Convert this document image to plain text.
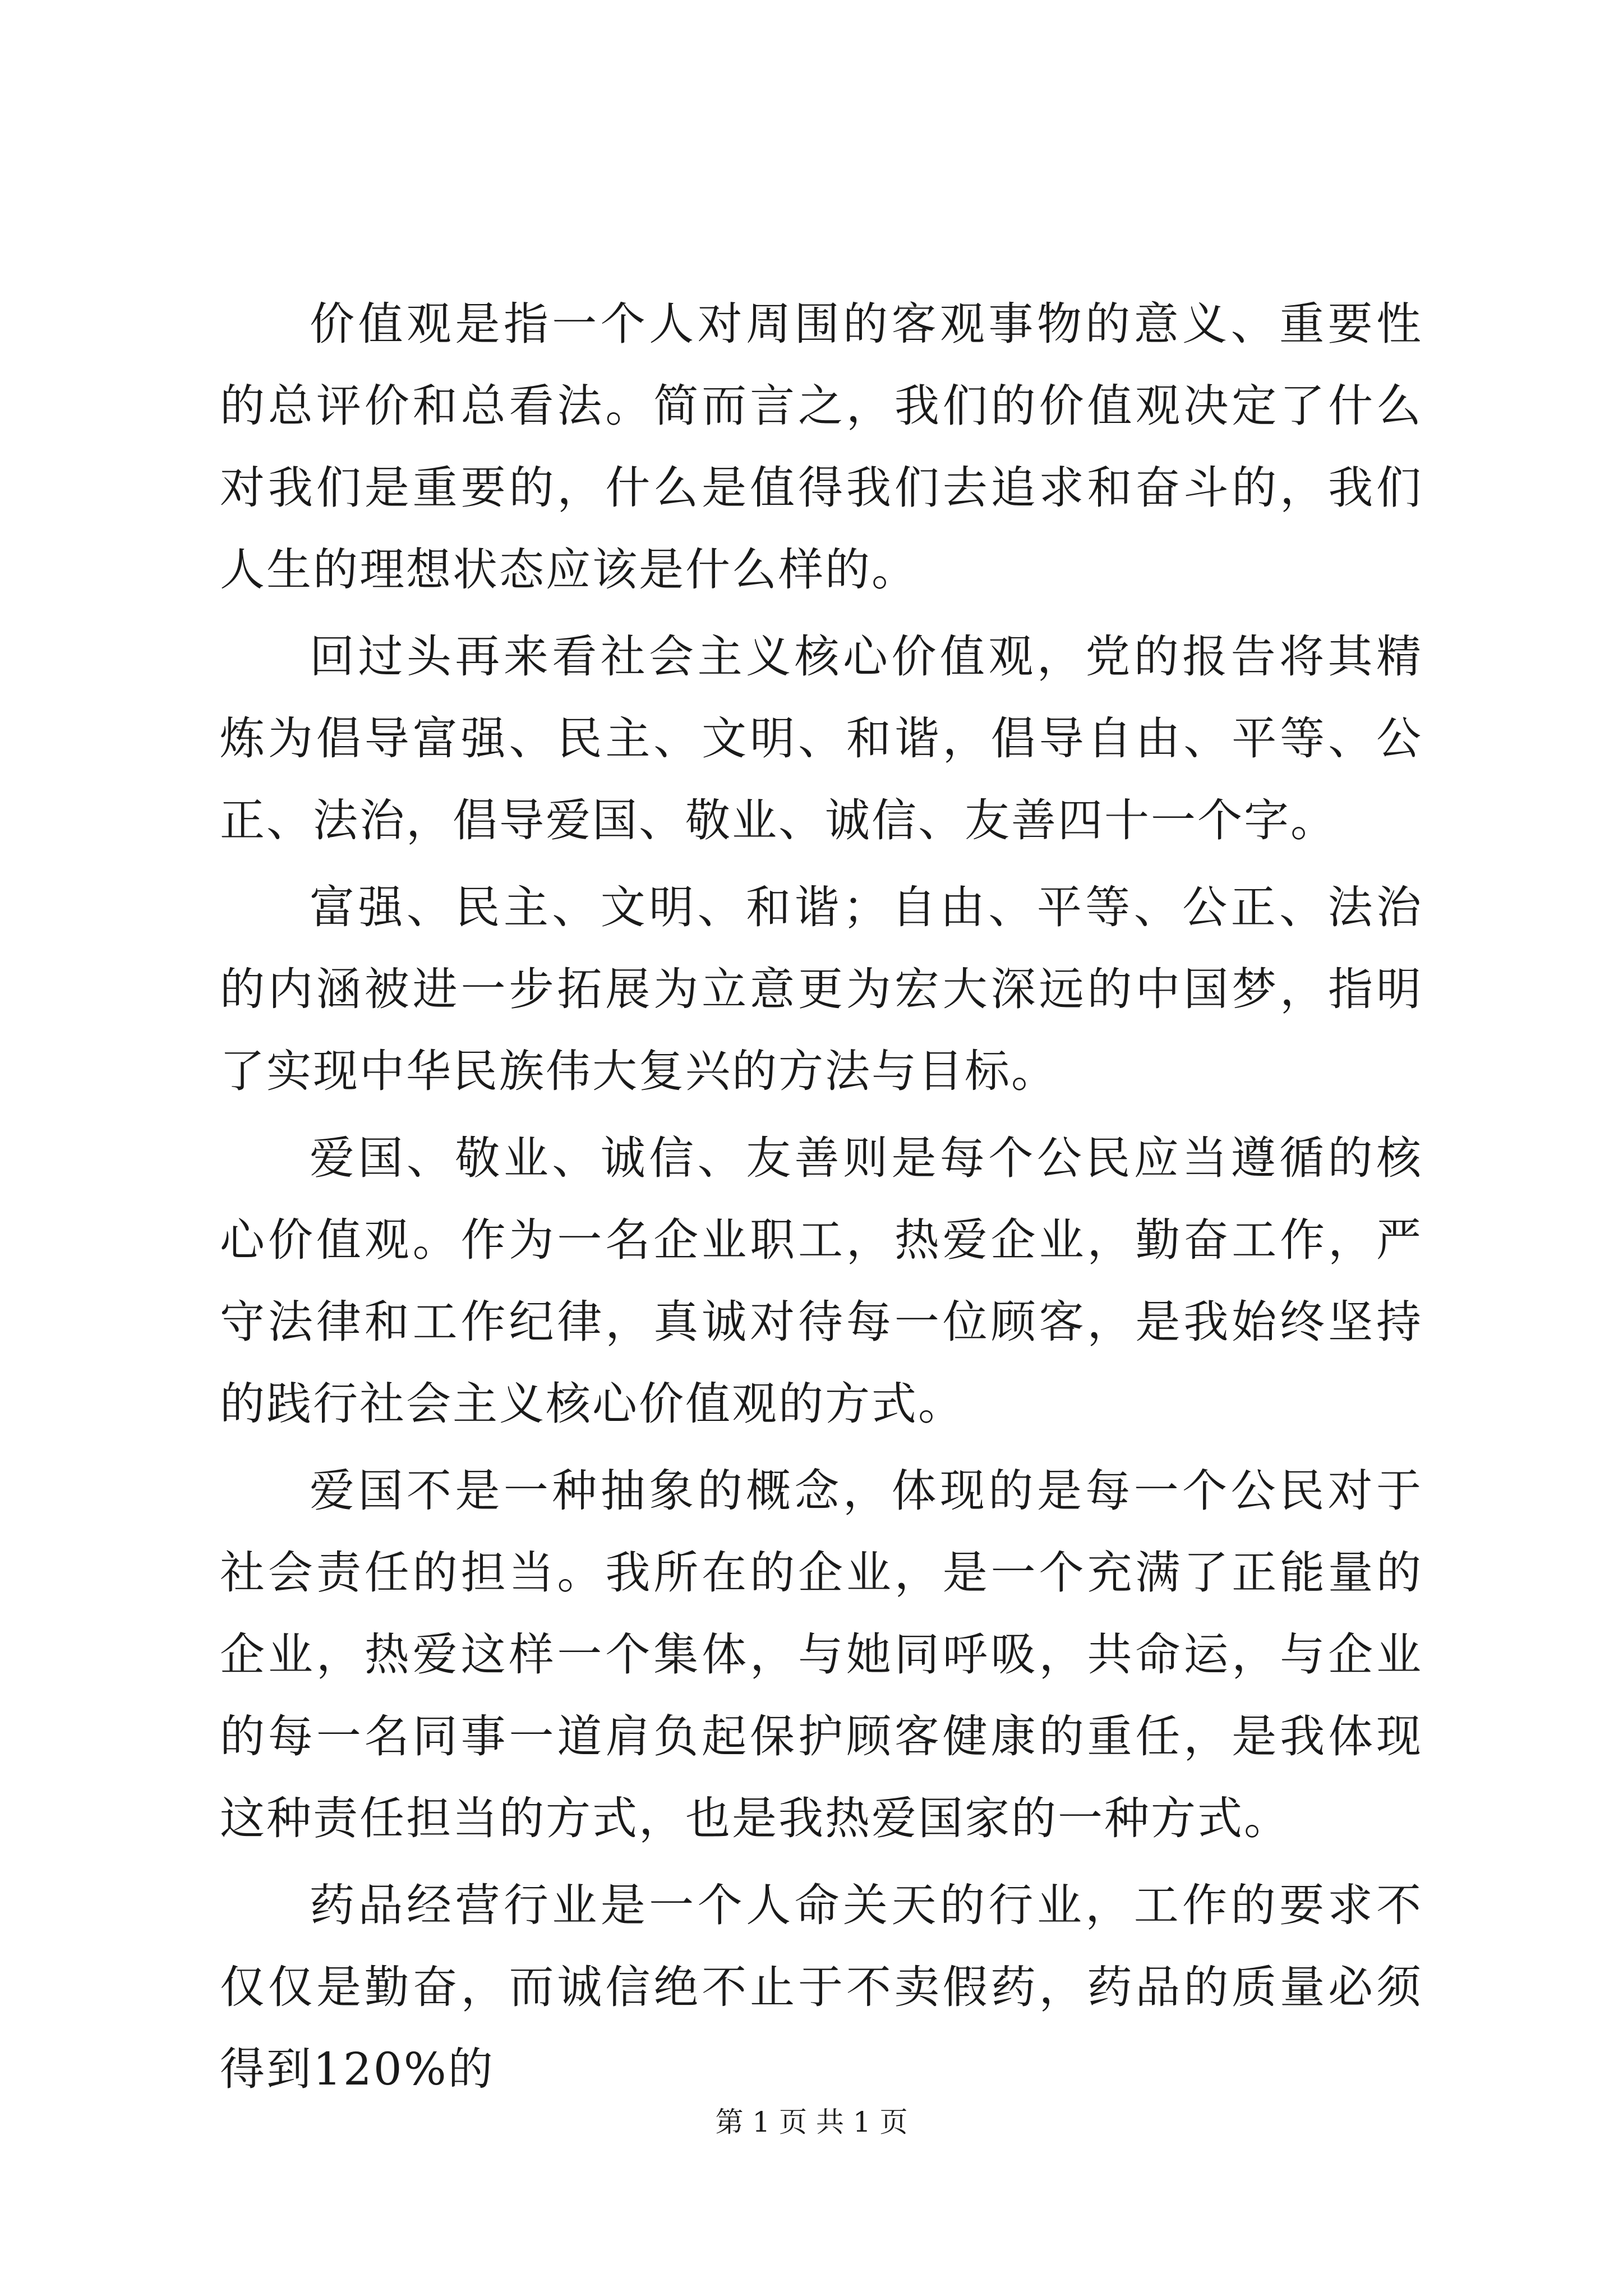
价值观是指一个人对周围的客观事物的意义、重要性的总评价和总看法。简而言之，我们的价值观决定了什么对我们是重要的，什么是值得我们去追求和奋斗的，我们人生的理想状态应该是什么样的。

回过头再来看社会主义核心价值观，党的报告将其精炼为倡导富强、民主、文明、和谐，倡导自由、平等、公正、法治，倡导爱国、敬业、诚信、友善四十一个字。

富强、民主、文明、和谐；自由、平等、公正、法治的内涵被进一步拓展为立意更为宏大深远的中国梦，指明了实现中华民族伟大复兴的方法与目标。

爱国、敬业、诚信、友善则是每个公民应当遵循的核心价值观。作为一名企业职工，热爱企业，勤奋工作，严守法律和工作纪律，真诚对待每一位顾客，是我始终坚持的践行社会主义核心价值观的方式。

爱国不是一种抽象的概念，体现的是每一个公民对于社会责任的担当。我所在的企业，是一个充满了正能量的企业，热爱这样一个集体，与她同呼吸，共命运，与企业的每一名同事一道肩负起保护顾客健康的重任，是我体现这种责任担当的方式，也是我热爱国家的一种方式。

药品经营行业是一个人命关天的行业，工作的要求不仅仅是勤奋，而诚信绝不止于不卖假药，药品的质量必须得到120%的

第 1 页 共 1 页
